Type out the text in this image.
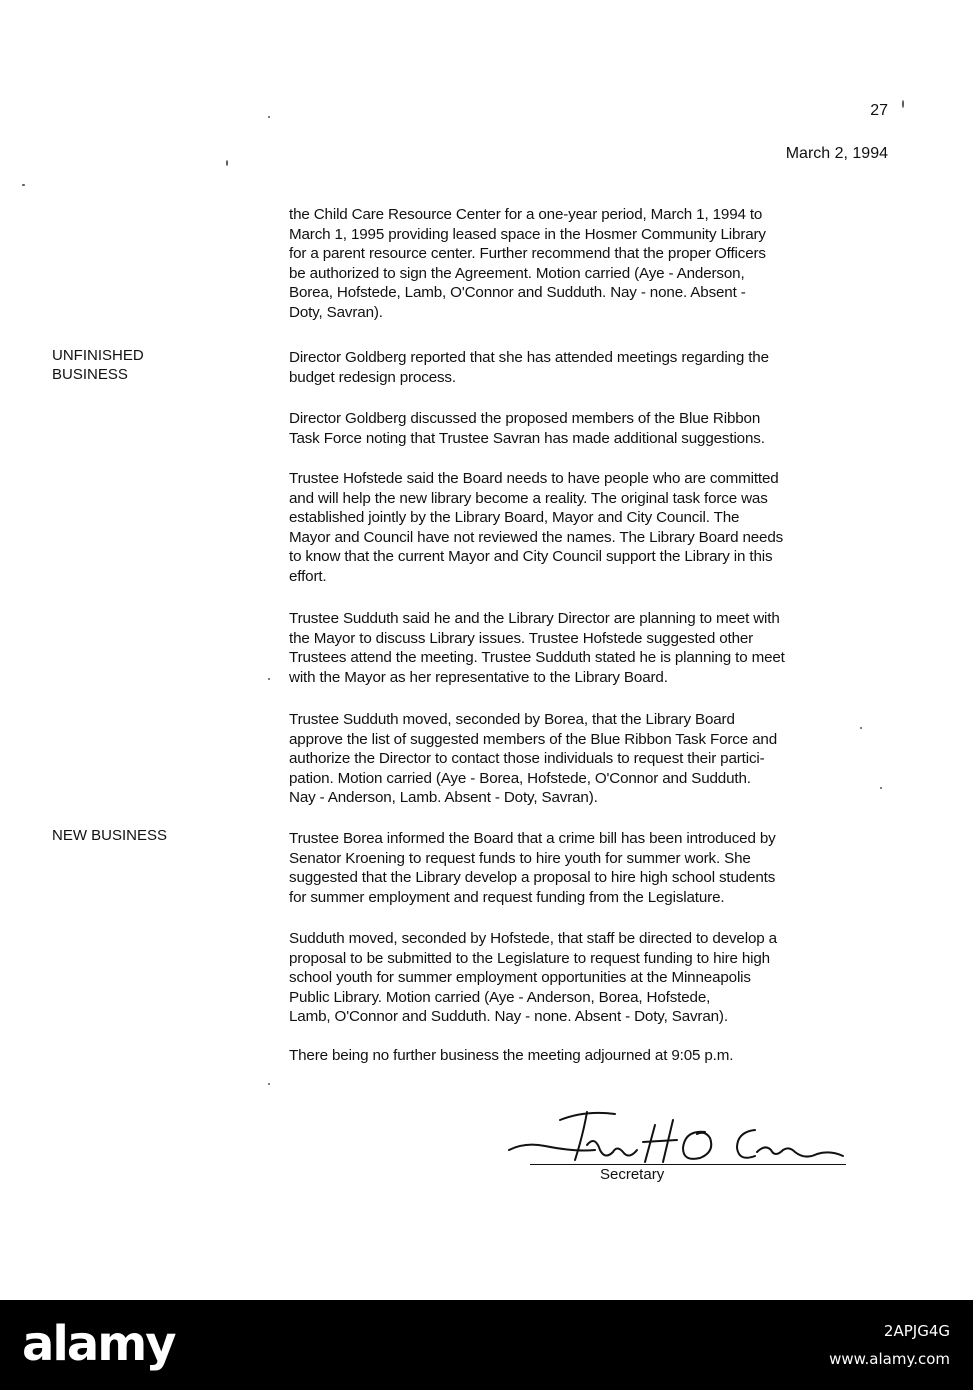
27
March 2, 1994
UNFINISHED
BUSINESS
NEW BUSINESS
the Child Care Resource Center for a one-year period, March 1, 1994 to
March 1, 1995 providing leased space in the Hosmer Community Library
for a parent resource center. Further recommend that the proper Officers
be authorized to sign the Agreement. Motion carried (Aye - Anderson,
Borea, Hofstede, Lamb, O'Connor and Sudduth. Nay - none. Absent -
Doty, Savran).
Director Goldberg reported that she has attended meetings regarding the
budget redesign process.
Director Goldberg discussed the proposed members of the Blue Ribbon
Task Force noting that Trustee Savran has made additional suggestions.
Trustee Hofstede said the Board needs to have people who are committed
and will help the new library become a reality. The original task force was
established jointly by the Library Board, Mayor and City Council. The
Mayor and Council have not reviewed the names. The Library Board needs
to know that the current Mayor and City Council support the Library in this
effort.
Trustee Sudduth said he and the Library Director are planning to meet with
the Mayor to discuss Library issues. Trustee Hofstede suggested other
Trustees attend the meeting. Trustee Sudduth stated he is planning to meet
with the Mayor as her representative to the Library Board.
Trustee Sudduth moved, seconded by Borea, that the Library Board
approve the list of suggested members of the Blue Ribbon Task Force and
authorize the Director to contact those individuals to request their partici-
pation. Motion carried (Aye - Borea, Hofstede, O'Connor and Sudduth.
Nay - Anderson, Lamb. Absent - Doty, Savran).
Trustee Borea informed the Board that a crime bill has been introduced by
Senator Kroening to request funds to hire youth for summer work. She
suggested that the Library develop a proposal to hire high school students
for summer employment and request funding from the Legislature.
Sudduth moved, seconded by Hofstede, that staff be directed to develop a
proposal to be submitted to the Legislature to request funding to hire high
school youth for summer employment opportunities at the Minneapolis
Public Library. Motion carried (Aye - Anderson, Borea, Hofstede,
Lamb, O'Connor and Sudduth. Nay - none. Absent - Doty, Savran).
There being no further business the meeting adjourned at 9:05 p.m.
Secretary
alamy	2APJG4G
www.alamy.com
